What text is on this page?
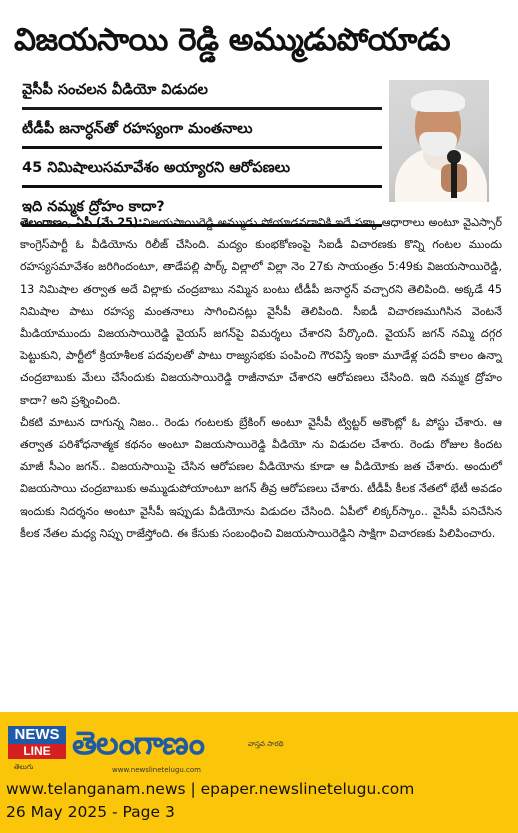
విజయసాయి రెడ్డి అమ్ముడుపోయాడు
వైసీపీ సంచలన వీడియో విడుదల
టీడీపీ జనార్ధన్‌తో రహస్యంగా మంతనాలు
45 నిమిషాలుసమావేశం అయ్యారని ఆరోపణలు
ఇది నమ్మక ద్రోహం కాదా?

తెలంగాణం, ఏపీ (మే 25):విజయసాయిరెడ్డి అమ్ముడు పోయాడనడానికి ఇదే పక్కా ఆధారాలు అంటూ వైఎస్సార్ కాంగ్రెస్‌పార్టీ ఓ వీడియోను రిలీజ్ చేసింది. మద్యం కుంభకోణంపై సిఐడీ విచారణకు కొన్ని గంటల ముందు రహస్యసమావేశం జరిగిందంటూ, తాడేపల్లి పార్క్ విల్లాలో విల్లా నెం 27కు సాయంత్రం 5:49కు విజయసాయిరెడ్డి, 13 నిమిషాల తర్వాత అదే విల్లాకు చంద్రబాబు నమ్మిన బంటు టీడీపీ జనార్ధన్ వచ్చారని తెలిపింది. అక్కడే 45 నిమిషాల పాటు రహస్య మంతనాలు సాగించినట్లు వైసీపీ తెలిపింది. సీఐడీ విచారణముగిసిన వెంటనే మీడియాముందు విజయసాయిరెడ్డి వైయస్ జగన్‌పై విమర్శలు చేశారని పేర్కొంది. వైయస్ జగన్ నమ్మి దగ్గర పెట్టుకుని, పార్టీలో క్రియాశీలక పదవులతో పాటు రాజ్యసభకు పంపించి గౌరవిస్తే ఇంకా మూడేళ్ల పదవీ కాలం ఉన్నా చంద్రబాబుకు మేలు చేసేందుకు విజయసాయిరెడ్డి రాజీనామా చేశారని ఆరోపణలు చేసింది. ఇది నమ్మక ద్రోహం కాదా? అని ప్రశ్నించింది.

చీకటి మాటున దాగున్న నిజం.. రెండు గంటలకు బ్రేకింగ్ అంటూ వైసీపీ ట్విట్టర్ అకౌంట్లో ఓ పోస్టు చేశారు. ఆ తర్వాత పరిశోధనాత్మక కథనం అంటూ విజయసాయిరెడ్డి వీడియో ను విడుదల చేశారు. రెండు రోజుల కిందట మాజీ సీఎం జగన్.. విజయసాయిపై చేసిన ఆరోపణల వీడియోను కూడా ఆ వీడియోకు జత చేశారు. అందులో విజయసాయి చంద్రబాబుకు అమ్ముడుపోయాంటూ జగన్ తీవ్ర ఆరోపణలు చేశారు. టీడీపీ కీలక నేతలో భేటీ అవడం ఇందుకు నిదర్శనం అంటూ వైసీపీ ఇప్పుడు వీడియోను విడుదల చేసింది. ఏపీలో లిక్కర్‌స్కాం.. వైసీపీ పనిచేసిన కీలక నేతల మధ్య నిప్పు రాజేస్తోంది. ఈ కేసుకు సంబంధించి విజయసాయిరెడ్డిని సాక్షిగా విచారణకు పిలిపించారు.

NEWS
LINE
తెలుగు
తెలంగాణం	వాస్తవ సారథి
www.newslinetelugu.com
www.telanganam.news | epaper.newslinetelugu.com
26 May 2025 - Page 3
